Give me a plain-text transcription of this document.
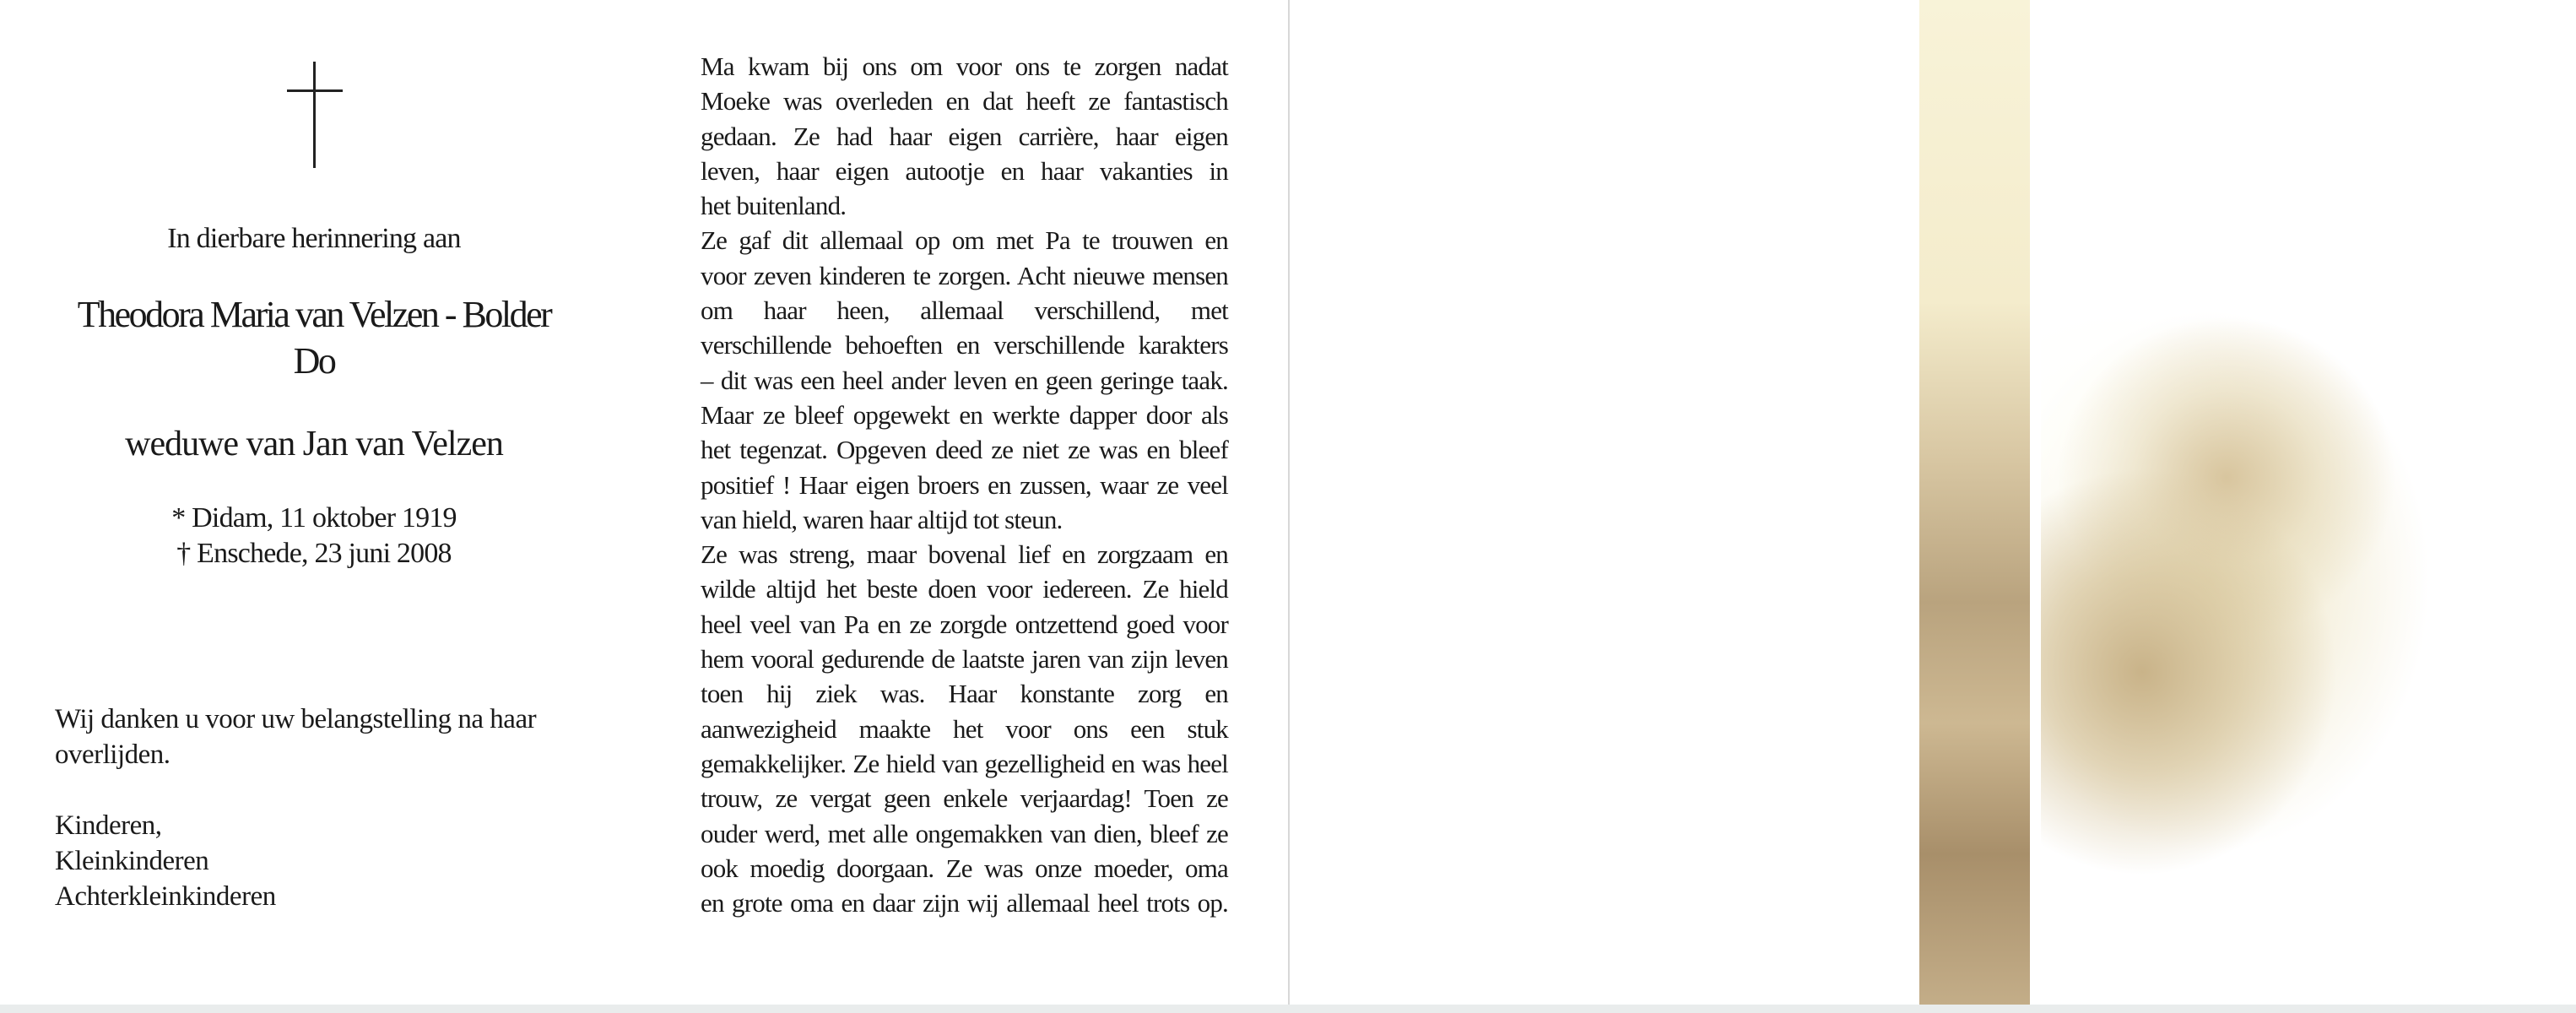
In dierbare herinnering aan
Theodora Maria van Velzen - Bolder
Do
weduwe van Jan van Velzen
* Didam, 11 oktober 1919
† Enschede, 23 juni 2008
Wij danken u voor uw belangstelling na haar
overlijden.
Kinderen,
Kleinkinderen
Achterkleinkinderen
Ma kwam bij ons om voor ons te zorgen nadat
Moeke was overleden en dat heeft ze fantastisch
gedaan. Ze had haar eigen carrière, haar eigen
leven, haar eigen autootje en haar vakanties in
het buitenland.
Ze gaf dit allemaal op om met Pa te trouwen en
voor zeven kinderen te zorgen. Acht nieuwe mensen
om haar heen, allemaal verschillend, met
verschillende behoeften en verschillende karakters
– dit was een heel ander leven en geen geringe taak.
Maar ze bleef opgewekt en werkte dapper door als
het tegenzat. Opgeven deed ze niet ze was en bleef
positief ! Haar eigen broers en zussen, waar ze veel
van hield, waren haar altijd tot steun.
Ze was streng, maar bovenal lief en zorgzaam en
wilde altijd het beste doen voor iedereen. Ze hield
heel veel van Pa en ze zorgde ontzettend goed voor
hem vooral gedurende de laatste jaren van zijn leven
toen hij ziek was. Haar konstante zorg en
aanwezigheid maakte het voor ons een stuk
gemakkelijker. Ze hield van gezelligheid en was heel
trouw, ze vergat geen enkele verjaardag! Toen ze
ouder werd, met alle ongemakken van dien, bleef ze
ook moedig doorgaan. Ze was onze moeder, oma
en grote oma en daar zijn wij allemaal heel trots op.
